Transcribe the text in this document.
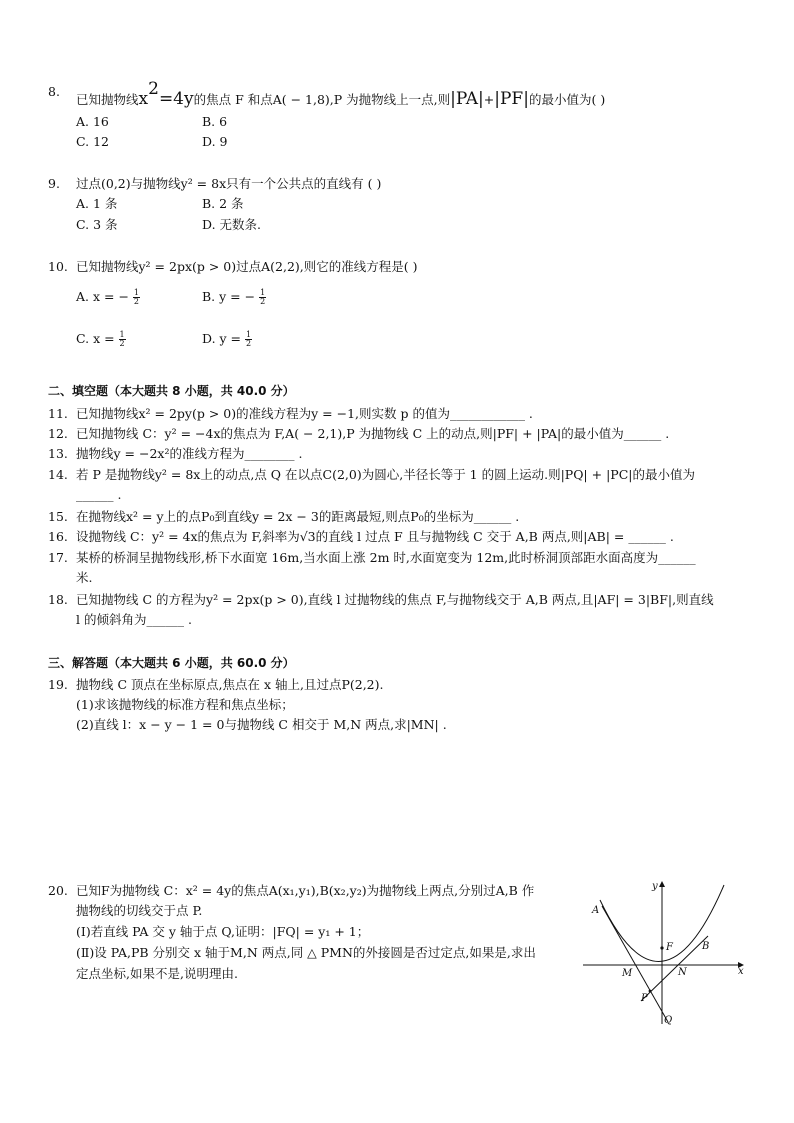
8.
已知抛物线$x^2=4y$的焦点 F 和点A( − 1,8),P 为抛物线上一点,则|PA|+|PF|的最小值为( )
A. 16	B. 6
C. 12	D. 9
9. 过点(0,2)与抛物线y² = 8x只有一个公共点的直线有 ( )
A. 1 条	B. 2 条
C. 3 条	D. 无数条.
10. 已知抛物线y² = 2px(p > 0)过点A(2,2),则它的准线方程是( )
A. x = − $\frac{1}{2}$	B. y = − $\frac{1}{2}$
C. $x = \frac{1}{2}$	D. $y = \frac{1}{2}$
二、填空题（本大题共 8 小题，共 40.0 分）
11. 已知抛物线x² = 2py(p > 0)的准线方程为y = −1,则实数 p 的值为____________ .
12. 已知抛物线 C：y² = −4x的焦点为 F,A( − 2,1),P 为抛物线 C 上的动点,则|PF| + |PA|的最小值为______ .
13. 抛物线y = −2x²的准线方程为________ .
14. 若 P 是抛物线y² = 8x上的动点,点 Q 在以点C(2,0)为圆心,半径长等于 1 的圆上运动.则|PQ| + |PC|的最小值为
______ .
15. 在抛物线x² = y上的点P₀到直线y = 2x − 3的距离最短,则点P₀的坐标为______ .
16. 设抛物线 C：y² = 4x的焦点为 F,斜率为√3的直线 l 过点 F 且与抛物线 C 交于 A,B 两点,则|AB| = ______ .
17. 某桥的桥洞呈抛物线形,桥下水面宽 16m,当水面上涨 2m 时,水面宽变为 12m,此时桥洞顶部距水面高度为______
米.
18. 已知抛物线 C 的方程为y² = 2px(p > 0),直线 l 过抛物线的焦点 F,与抛物线交于 A,B 两点,且|AF| = 3|BF|,则直线
l 的倾斜角为______ .
三、解答题（本大题共 6 小题，共 60.0 分）
19. 抛物线 C 顶点在坐标原点,焦点在 x 轴上,且过点P(2,2).
(1)求该抛物线的标准方程和焦点坐标；
(2)直线 l：x − y − 1 = 0与抛物线 C 相交于 M,N 两点,求|MN| .
20. 已知F为抛物线 C：x² = 4y的焦点A(x₁,y₁),B(x₂,y₂)为抛物线上两点,分别过A,B 作
抛物线的切线交于点 P.
(Ⅰ)若直线 PA 交 y 轴于点 Q,证明：|FQ| = y₁ + 1；
(Ⅱ)设 PA,PB 分别交 x 轴于M,N 两点,同 △ PMN的外接圆是否过定点,如果是,求出
定点坐标,如果不是,说明理由.
y
x
A
B
F
M	N
P
Q
